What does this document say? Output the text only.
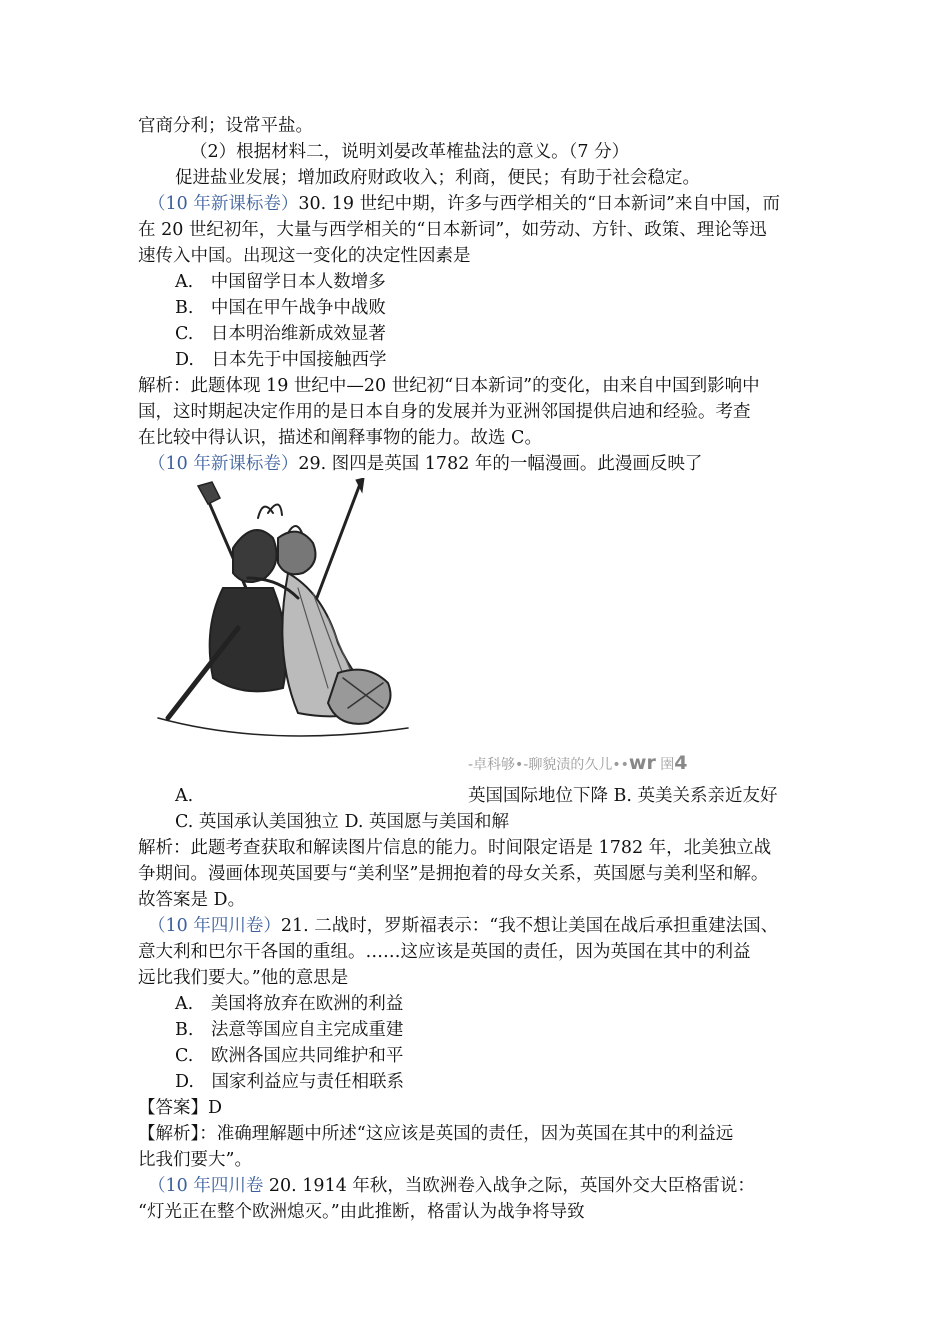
官商分利；设常平盐。
（2）根据材料二，说明刘晏改革榷盐法的意义。（7 分）
促进盐业发展；增加政府财政收入；利商，便民；有助于社会稳定。
（10 年新课标卷）30. 19 世纪中期，许多与西学相关的“日本新词”来自中国，而
在 20 世纪初年，大量与西学相关的“日本新词”，如劳动、方针、政策、理论等迅
速传入中国。出现这一变化的决定性因素是
A.　中国留学日本人数增多
B.　中国在甲午战争中战败
C.　日本明治维新成效显著
D.　日本先于中国接触西学
解析：此题体现 19 世纪中—20 世纪初“日本新词”的变化，由来自中国到影响中
国，这时期起决定作用的是日本自身的发展并为亚洲邻国提供启迪和经验。考查
在比较中得认识，描述和阐释事物的能力。故选 C。
（10 年新课标卷）29. 图四是英国 1782 年的一幅漫画。此漫画反映了
-卓科够•-聊貌渍的久儿••wr 圉4
A.	英国国际地位下降 B. 英美关系亲近友好
C. 英国承认美国独立 D. 英国愿与美国和解
解析：此题考查获取和解读图片信息的能力。时间限定语是 1782 年，北美独立战
争期间。漫画体现英国要与“美利坚”是拥抱着的母女关系，英国愿与美利坚和解。
故答案是 D。
（10 年四川卷）21. 二战时，罗斯福表示：“我不想让美国在战后承担重建法国、
意大利和巴尔干各国的重组。……这应该是英国的责任，因为英国在其中的利益
远比我们要大。”他的意思是
A.　美国将放弃在欧洲的利益
B.　法意等国应自主完成重建
C.　欧洲各国应共同维护和平
D.　国家利益应与责任相联系
【答案】D
【解析】：准确理解题中所述“这应该是英国的责任，因为英国在其中的利益远
比我们要大”。
（10 年四川卷 20. 1914 年秋，当欧洲卷入战争之际，英国外交大臣格雷说：
“灯光正在整个欧洲熄灭。”由此推断，格雷认为战争将导致
